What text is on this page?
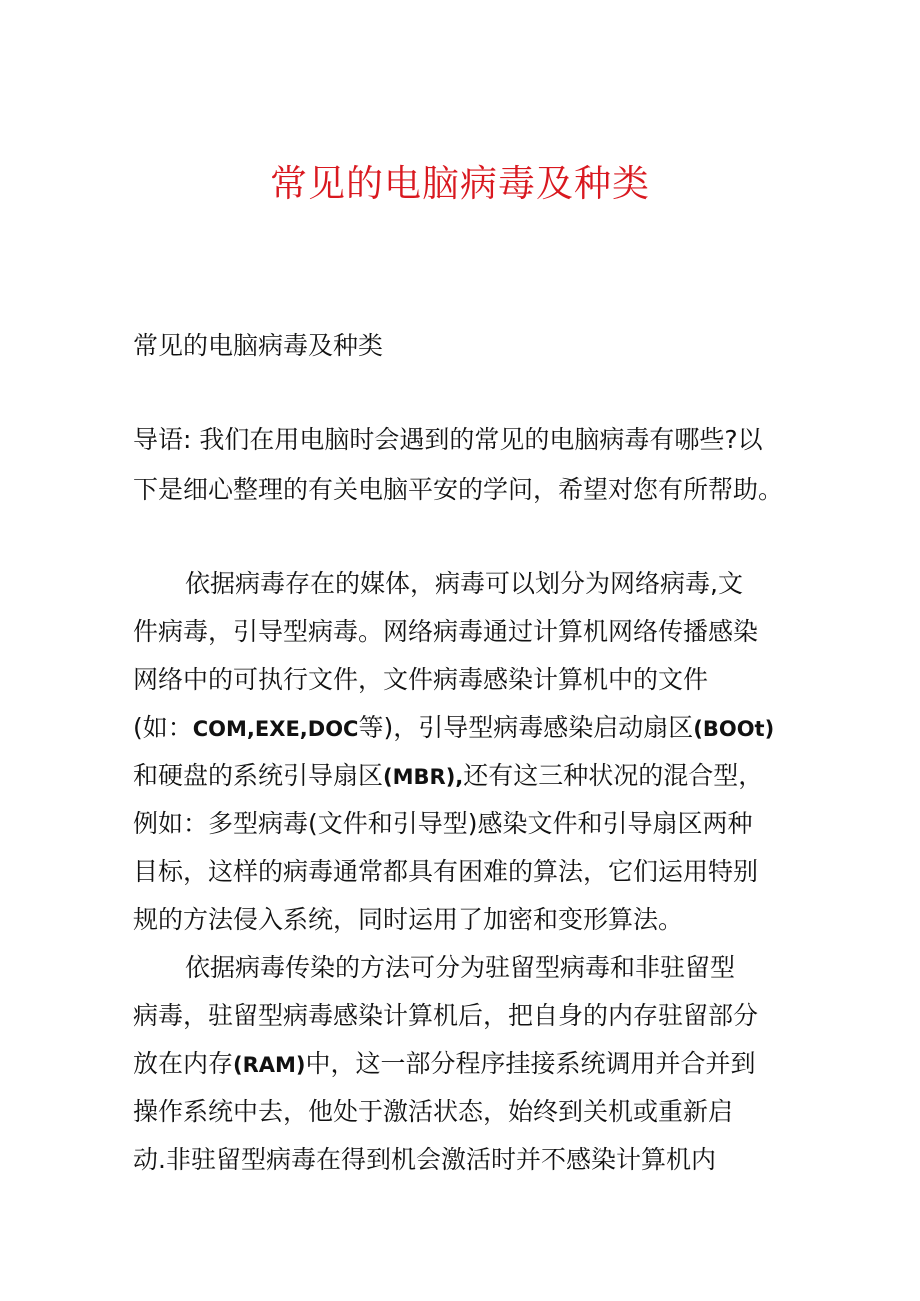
常见的电脑病毒及种类
常见的电脑病毒及种类
导语: 我们在用电脑时会遇到的常见的电脑病毒有哪些?以
下是细心整理的有关电脑平安的学问，希望对您有所帮助。
依据病毒存在的媒体，病毒可以划分为网络病毒,文
件病毒，引导型病毒。网络病毒通过计算机网络传播感染
网络中的可执行文件，文件病毒感染计算机中的文件
(如：COM,EXE,DOC等)，引导型病毒感染启动扇区(BOOt)
和硬盘的系统引导扇区(MBR),还有这三种状况的混合型，
例如：多型病毒(文件和引导型)感染文件和引导扇区两种
目标，这样的病毒通常都具有困难的算法，它们运用特别
规的方法侵入系统，同时运用了加密和变形算法。
依据病毒传染的方法可分为驻留型病毒和非驻留型
病毒，驻留型病毒感染计算机后，把自身的内存驻留部分
放在内存(RAM)中，这一部分程序挂接系统调用并合并到
操作系统中去，他处于激活状态，始终到关机或重新启
动.非驻留型病毒在得到机会激活时并不感染计算机内
